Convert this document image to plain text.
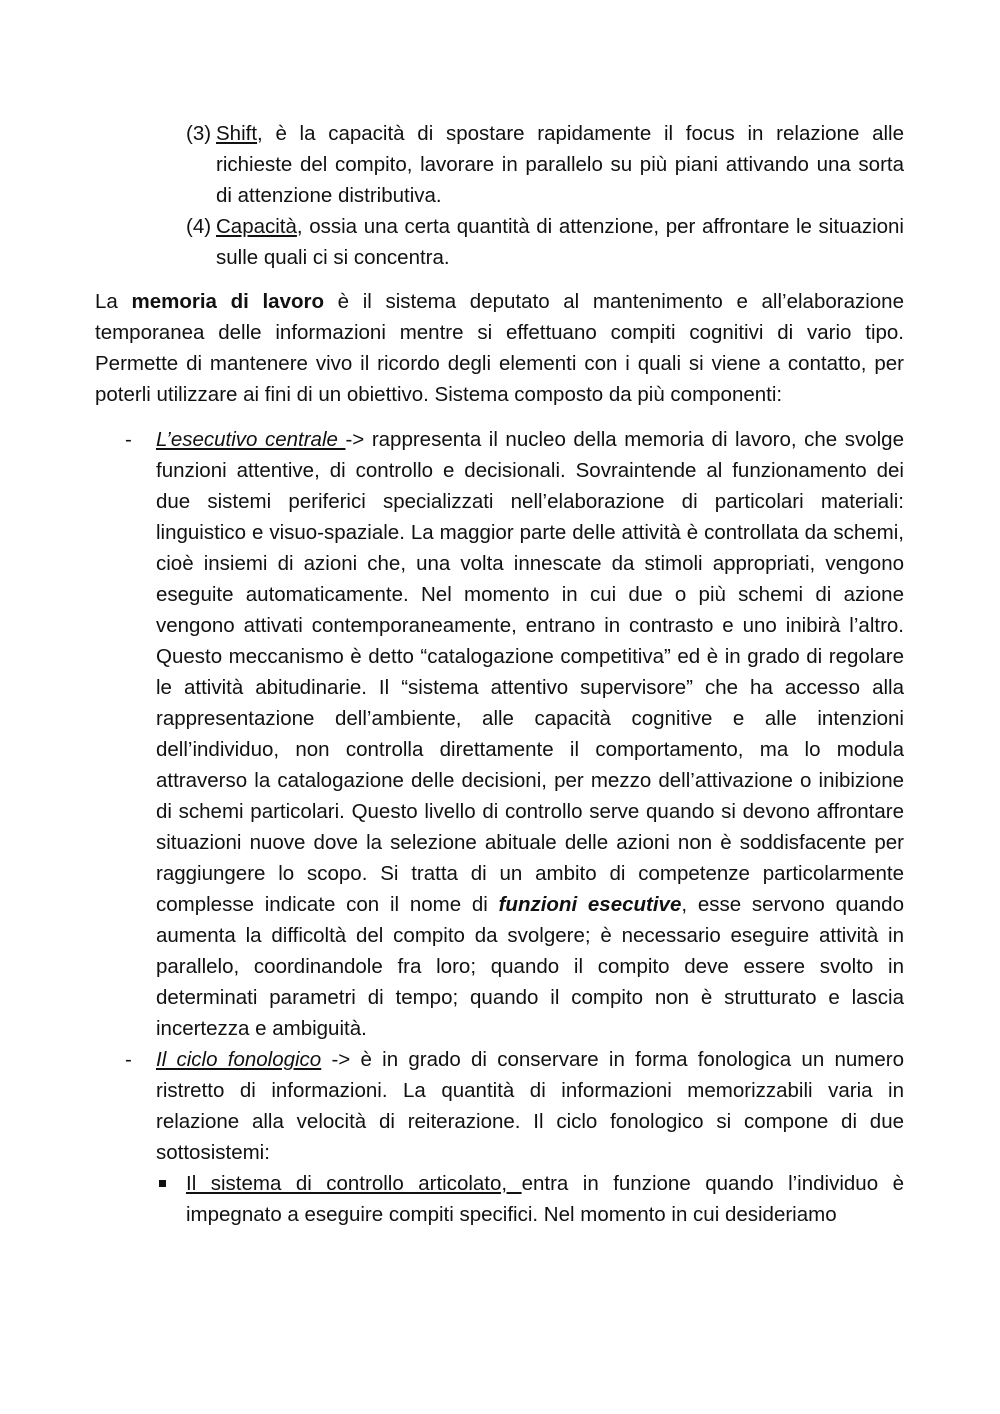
(3) Shift, è la capacità di spostare rapidamente il focus in relazione alle richieste del compito, lavorare in parallelo su più piani attivando una sorta di attenzione distributiva.

(4) Capacità, ossia una certa quantità di attenzione, per affrontare le situazioni sulle quali ci si concentra.

La memoria di lavoro è il sistema deputato al mantenimento e all’elaborazione temporanea delle informazioni mentre si effettuano compiti cognitivi di vario tipo. Permette di mantenere vivo il ricordo degli elementi con i quali si viene a contatto, per poterli utilizzare ai fini di un obiettivo. Sistema composto da più componenti:

-	L’esecutivo centrale -> rappresenta il nucleo della memoria di lavoro, che svolge funzioni attentive, di controllo e decisionali. Sovraintende al funzionamento dei due sistemi periferici specializzati nell’elaborazione di particolari materiali: linguistico e visuo-spaziale. La maggior parte delle attività è controllata da schemi, cioè insiemi di azioni che, una volta innescate da stimoli appropriati, vengono eseguite automaticamente. Nel momento in cui due o più schemi di azione vengono attivati contemporaneamente, entrano in contrasto e uno inibirà l’altro. Questo meccanismo è detto “catalogazione competitiva” ed è in grado di regolare le attività abitudinarie. Il “sistema attentivo supervisore” che ha accesso alla rappresentazione dell’ambiente, alle capacità cognitive e alle intenzioni dell’individuo, non controlla direttamente il comportamento, ma lo modula attraverso la catalogazione delle decisioni, per mezzo dell’attivazione o inibizione di schemi particolari. Questo livello di controllo serve quando si devono affrontare situazioni nuove dove la selezione abituale delle azioni non è soddisfacente per raggiungere lo scopo. Si tratta di un ambito di competenze particolarmente complesse indicate con il nome di funzioni esecutive, esse servono quando aumenta la difficoltà del compito da svolgere; è necessario eseguire attività in parallelo, coordinandole fra loro; quando il compito deve essere svolto in determinati parametri di tempo; quando il compito non è strutturato e lascia incertezza e ambiguità.

-	Il ciclo fonologico -> è in grado di conservare in forma fonologica un numero ristretto di informazioni. La quantità di informazioni memorizzabili varia in relazione alla velocità di reiterazione. Il ciclo fonologico si compone di due sottosistemi:
Il sistema di controllo articolato, entra in funzione quando l’individuo è impegnato a eseguire compiti specifici. Nel momento in cui desideriamo
